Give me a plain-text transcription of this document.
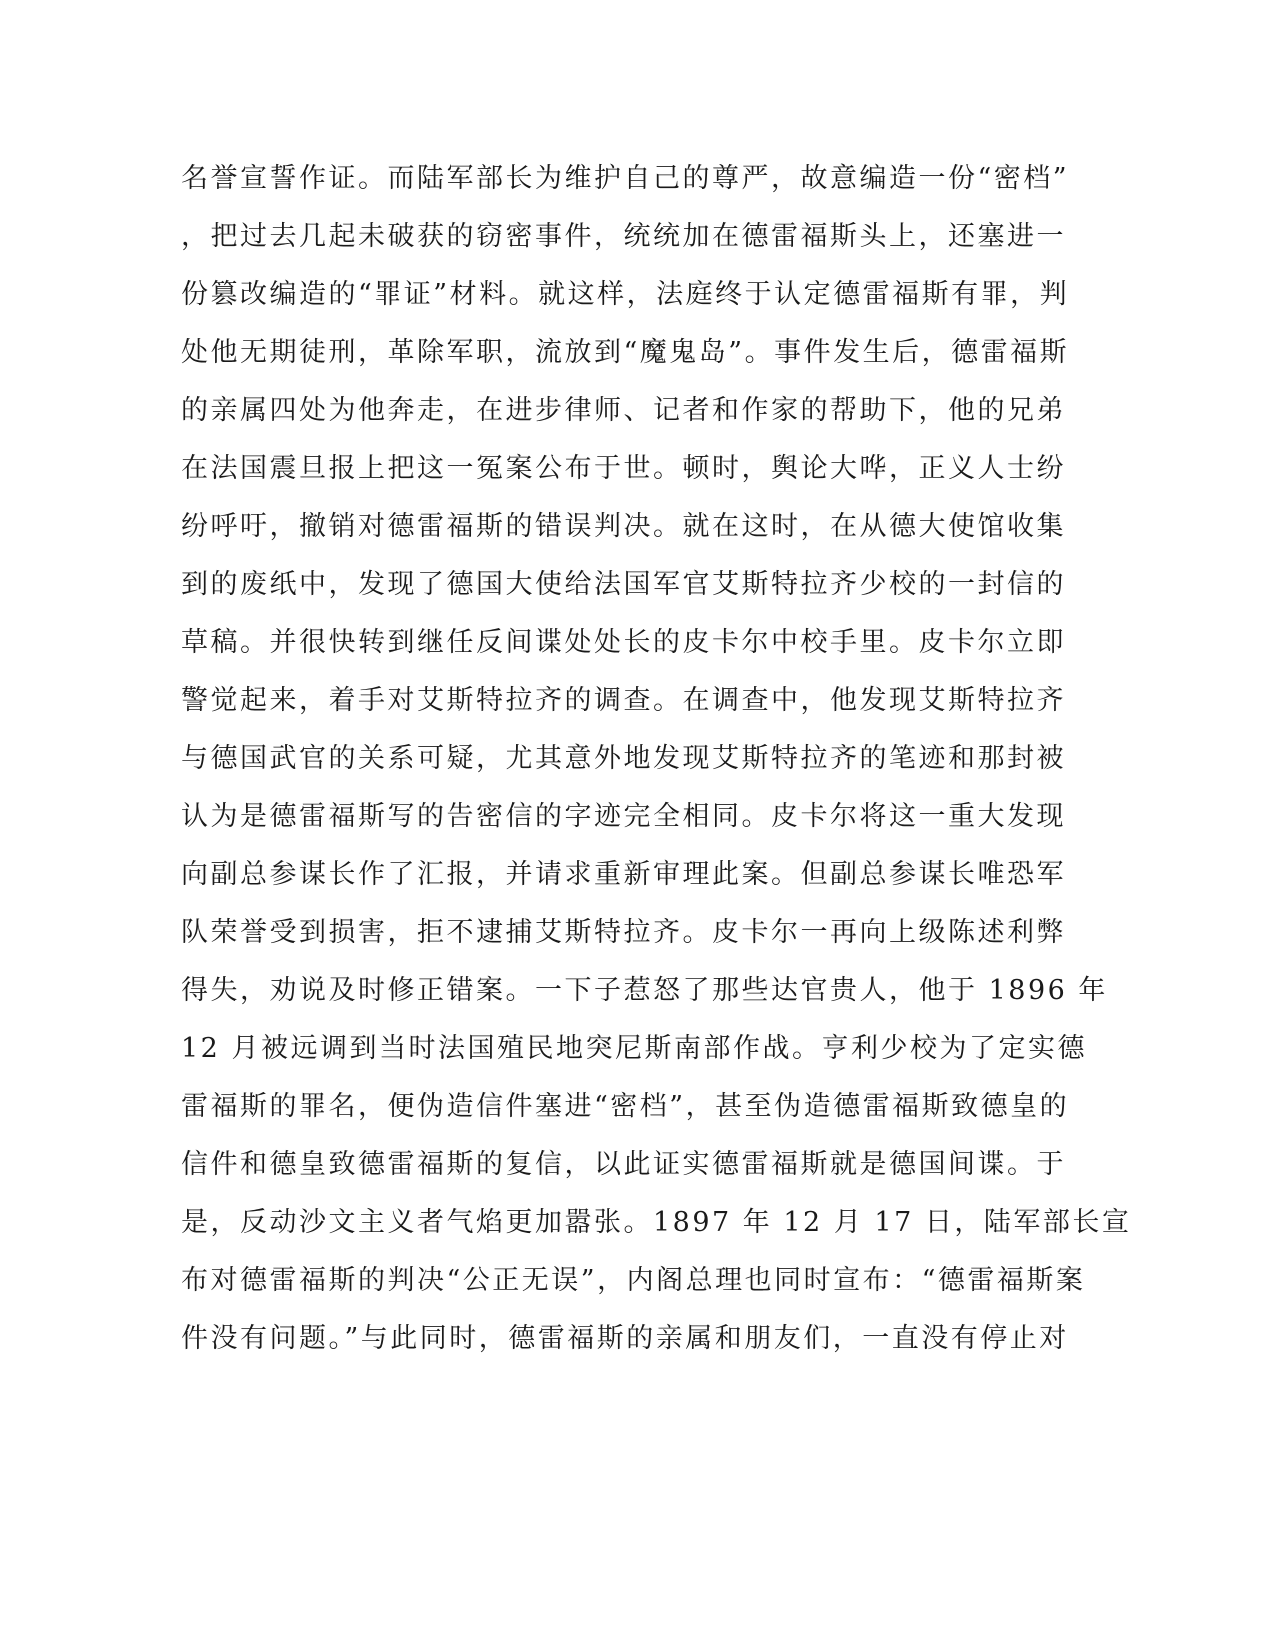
名誉宣誓作证。而陆军部长为维护自己的尊严，故意编造一份“密档”
，把过去几起未破获的窃密事件，统统加在德雷福斯头上，还塞进一
份篡改编造的“罪证”材料。就这样，法庭终于认定德雷福斯有罪，判
处他无期徒刑，革除军职，流放到“魔鬼岛”。事件发生后，德雷福斯
的亲属四处为他奔走，在进步律师、记者和作家的帮助下，他的兄弟
在法国震旦报上把这一冤案公布于世。顿时，舆论大哗，正义人士纷
纷呼吁，撤销对德雷福斯的错误判决。就在这时，在从德大使馆收集
到的废纸中，发现了德国大使给法国军官艾斯特拉齐少校的一封信的
草稿。并很快转到继任反间谍处处长的皮卡尔中校手里。皮卡尔立即
警觉起来，着手对艾斯特拉齐的调查。在调查中，他发现艾斯特拉齐
与德国武官的关系可疑，尤其意外地发现艾斯特拉齐的笔迹和那封被
认为是德雷福斯写的告密信的字迹完全相同。皮卡尔将这一重大发现
向副总参谋长作了汇报，并请求重新审理此案。但副总参谋长唯恐军
队荣誉受到损害，拒不逮捕艾斯特拉齐。皮卡尔一再向上级陈述利弊
得失，劝说及时修正错案。一下子惹怒了那些达官贵人，他于 1896 年
12 月被远调到当时法国殖民地突尼斯南部作战。亨利少校为了定实德
雷福斯的罪名，便伪造信件塞进“密档”，甚至伪造德雷福斯致德皇的
信件和德皇致德雷福斯的复信，以此证实德雷福斯就是德国间谍。于
是，反动沙文主义者气焰更加嚣张。1897 年 12 月 17 日，陆军部长宣
布对德雷福斯的判决“公正无误”，内阁总理也同时宣布：“德雷福斯案
件没有问题。”与此同时，德雷福斯的亲属和朋友们，一直没有停止对
